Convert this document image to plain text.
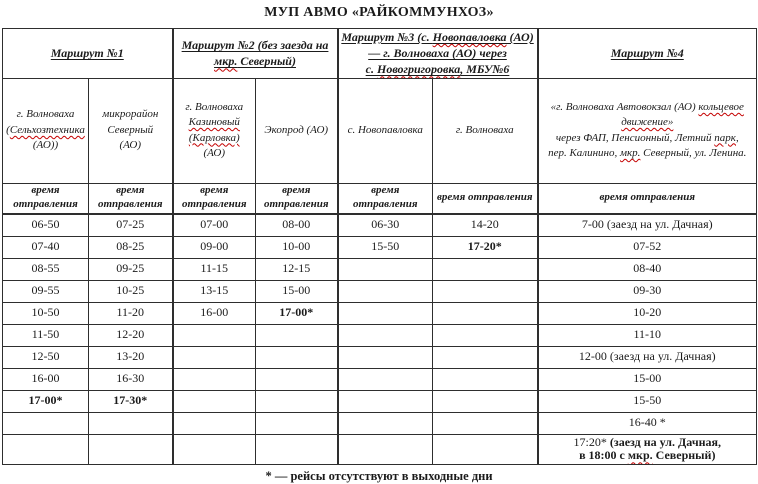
МУП АВМО «РАЙКОММУНХОЗ»
Маршрут №1		Маршрут №2 (без заезда на
мкр. Северный)		Маршрут №3 (с. Новопавловка (АО)
— г. Волноваха (АО) через
с. Новогригоровка, МБУ№6		Маршрут №4
г. Волноваха
(Сельхозтехника
(АО))	микрорайон
Северный
(АО)	г. Волноваха
Казиновый
(Карловка)
(АО)	Экопрод (АО)	с. Новопавловка	г. Волноваха	«г. Волноваха Автовокзал (АО) кольцевое
движение»
через ФАП, Пенсионный, Летний парк,
пер. Калинино, мкр. Северный, ул. Ленина.
время отправления	время отправления	время отправления	время отправления	время отправления	время отправления	время отправления
06-50	07-25	07-00	08-00	06-30	14-20	7-00 (заезд на ул. Дачная)
07-40	08-25	09-00	10-00	15-50	17-20*	07-52
08-55	09-25	11-15	12-15			08-40
09-55	10-25	13-15	15-00			09-30
10-50	11-20	16-00	17-00*			10-20
11-50	12-20					11-10
12-50	13-20					12-00 (заезд на ул. Дачная)
16-00	16-30					15-00
17-00*	17-30*					15-50
						16-40 *
						17:20* (заезд на ул. Дачная,
в 18:00 с мкр. Северный)
* — рейсы отсутствуют в выходные дни
